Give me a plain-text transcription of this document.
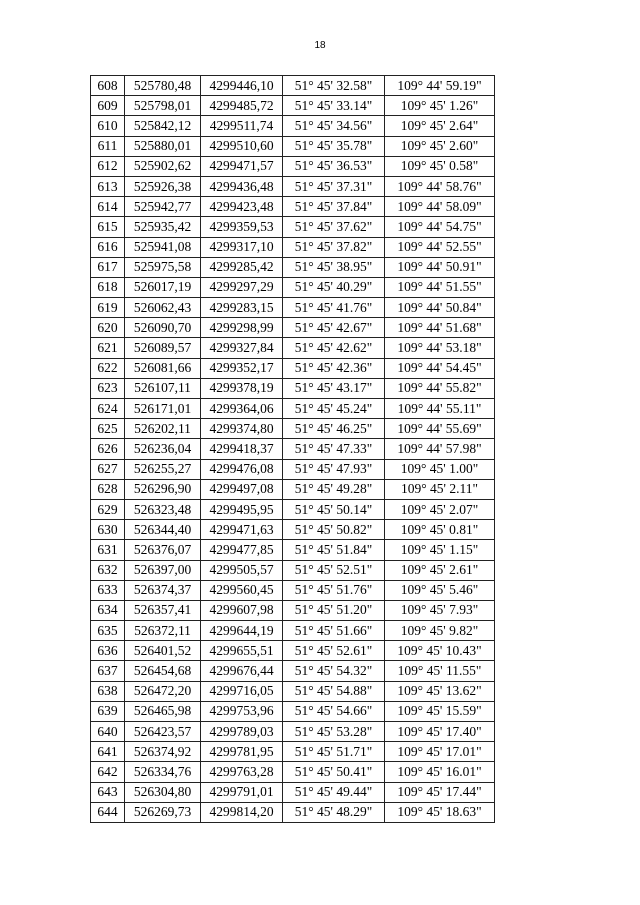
18
608	525780,48	4299446,10	51° 45' 32.58"	109° 44' 59.19"
609	525798,01	4299485,72	51° 45' 33.14"	109° 45' 1.26"
610	525842,12	4299511,74	51° 45' 34.56"	109° 45' 2.64"
611	525880,01	4299510,60	51° 45' 35.78"	109° 45' 2.60"
612	525902,62	4299471,57	51° 45' 36.53"	109° 45' 0.58"
613	525926,38	4299436,48	51° 45' 37.31"	109° 44' 58.76"
614	525942,77	4299423,48	51° 45' 37.84"	109° 44' 58.09"
615	525935,42	4299359,53	51° 45' 37.62"	109° 44' 54.75"
616	525941,08	4299317,10	51° 45' 37.82"	109° 44' 52.55"
617	525975,58	4299285,42	51° 45' 38.95"	109° 44' 50.91"
618	526017,19	4299297,29	51° 45' 40.29"	109° 44' 51.55"
619	526062,43	4299283,15	51° 45' 41.76"	109° 44' 50.84"
620	526090,70	4299298,99	51° 45' 42.67"	109° 44' 51.68"
621	526089,57	4299327,84	51° 45' 42.62"	109° 44' 53.18"
622	526081,66	4299352,17	51° 45' 42.36"	109° 44' 54.45"
623	526107,11	4299378,19	51° 45' 43.17"	109° 44' 55.82"
624	526171,01	4299364,06	51° 45' 45.24"	109° 44' 55.11"
625	526202,11	4299374,80	51° 45' 46.25"	109° 44' 55.69"
626	526236,04	4299418,37	51° 45' 47.33"	109° 44' 57.98"
627	526255,27	4299476,08	51° 45' 47.93"	109° 45' 1.00"
628	526296,90	4299497,08	51° 45' 49.28"	109° 45' 2.11"
629	526323,48	4299495,95	51° 45' 50.14"	109° 45' 2.07"
630	526344,40	4299471,63	51° 45' 50.82"	109° 45' 0.81"
631	526376,07	4299477,85	51° 45' 51.84"	109° 45' 1.15"
632	526397,00	4299505,57	51° 45' 52.51"	109° 45' 2.61"
633	526374,37	4299560,45	51° 45' 51.76"	109° 45' 5.46"
634	526357,41	4299607,98	51° 45' 51.20"	109° 45' 7.93"
635	526372,11	4299644,19	51° 45' 51.66"	109° 45' 9.82"
636	526401,52	4299655,51	51° 45' 52.61"	109° 45' 10.43"
637	526454,68	4299676,44	51° 45' 54.32"	109° 45' 11.55"
638	526472,20	4299716,05	51° 45' 54.88"	109° 45' 13.62"
639	526465,98	4299753,96	51° 45' 54.66"	109° 45' 15.59"
640	526423,57	4299789,03	51° 45' 53.28"	109° 45' 17.40"
641	526374,92	4299781,95	51° 45' 51.71"	109° 45' 17.01"
642	526334,76	4299763,28	51° 45' 50.41"	109° 45' 16.01"
643	526304,80	4299791,01	51° 45' 49.44"	109° 45' 17.44"
644	526269,73	4299814,20	51° 45' 48.29"	109° 45' 18.63"
